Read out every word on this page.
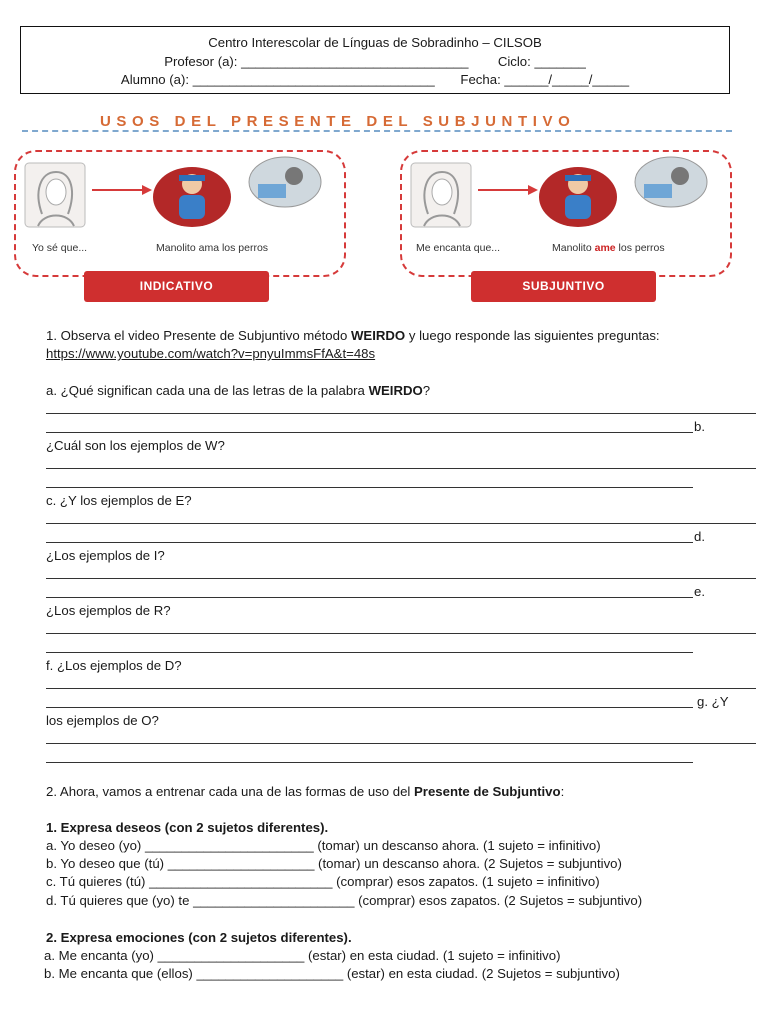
Centro Interescolar de Línguas de Sobradinho – CILSOB
Profesor (a): _______________________________ Ciclo: _______
Alumno (a): _________________________________ Fecha: ______/_____/_____
USOS DEL PRESENTE DEL SUBJUNTIVO
Yo sé que...	Manolito ama los perros
INDICATIVO
Me encanta que...	Manolito ame los perros
SUBJUNTIVO
1. Observa el video Presente de Subjuntivo método WEIRDO y luego responde las siguientes preguntas:
https://www.youtube.com/watch?v=pnyuImmsFfA&t=48s
a. ¿Qué significan cada una de las letras de la palabra WEIRDO?
b.
¿Cuál son los ejemplos de W?
c. ¿Y los ejemplos de E?
d.
¿Los ejemplos de I?
e.
¿Los ejemplos de R?
f. ¿Los ejemplos de D?
g. ¿Y
los ejemplos de O?
2. Ahora, vamos a entrenar cada una de las formas de uso del Presente de Subjuntivo:
1. Expresa deseos (con 2 sujetos diferentes).
a. Yo deseo (yo) _______________________ (tomar) un descanso ahora. (1 sujeto = infinitivo)
b. Yo deseo que (tú) ____________________ (tomar) un descanso ahora. (2 Sujetos = subjuntivo)
c. Tú quieres (tú) _________________________ (comprar) esos zapatos. (1 sujeto = infinitivo)
d. Tú quieres que (yo) te ______________________ (comprar) esos zapatos. (2 Sujetos = subjuntivo)
2. Expresa emociones (con 2 sujetos diferentes).
a. Me encanta (yo) ____________________ (estar) en esta ciudad. (1 sujeto = infinitivo)
b. Me encanta que (ellos) ____________________ (estar) en esta ciudad. (2 Sujetos = subjuntivo)
